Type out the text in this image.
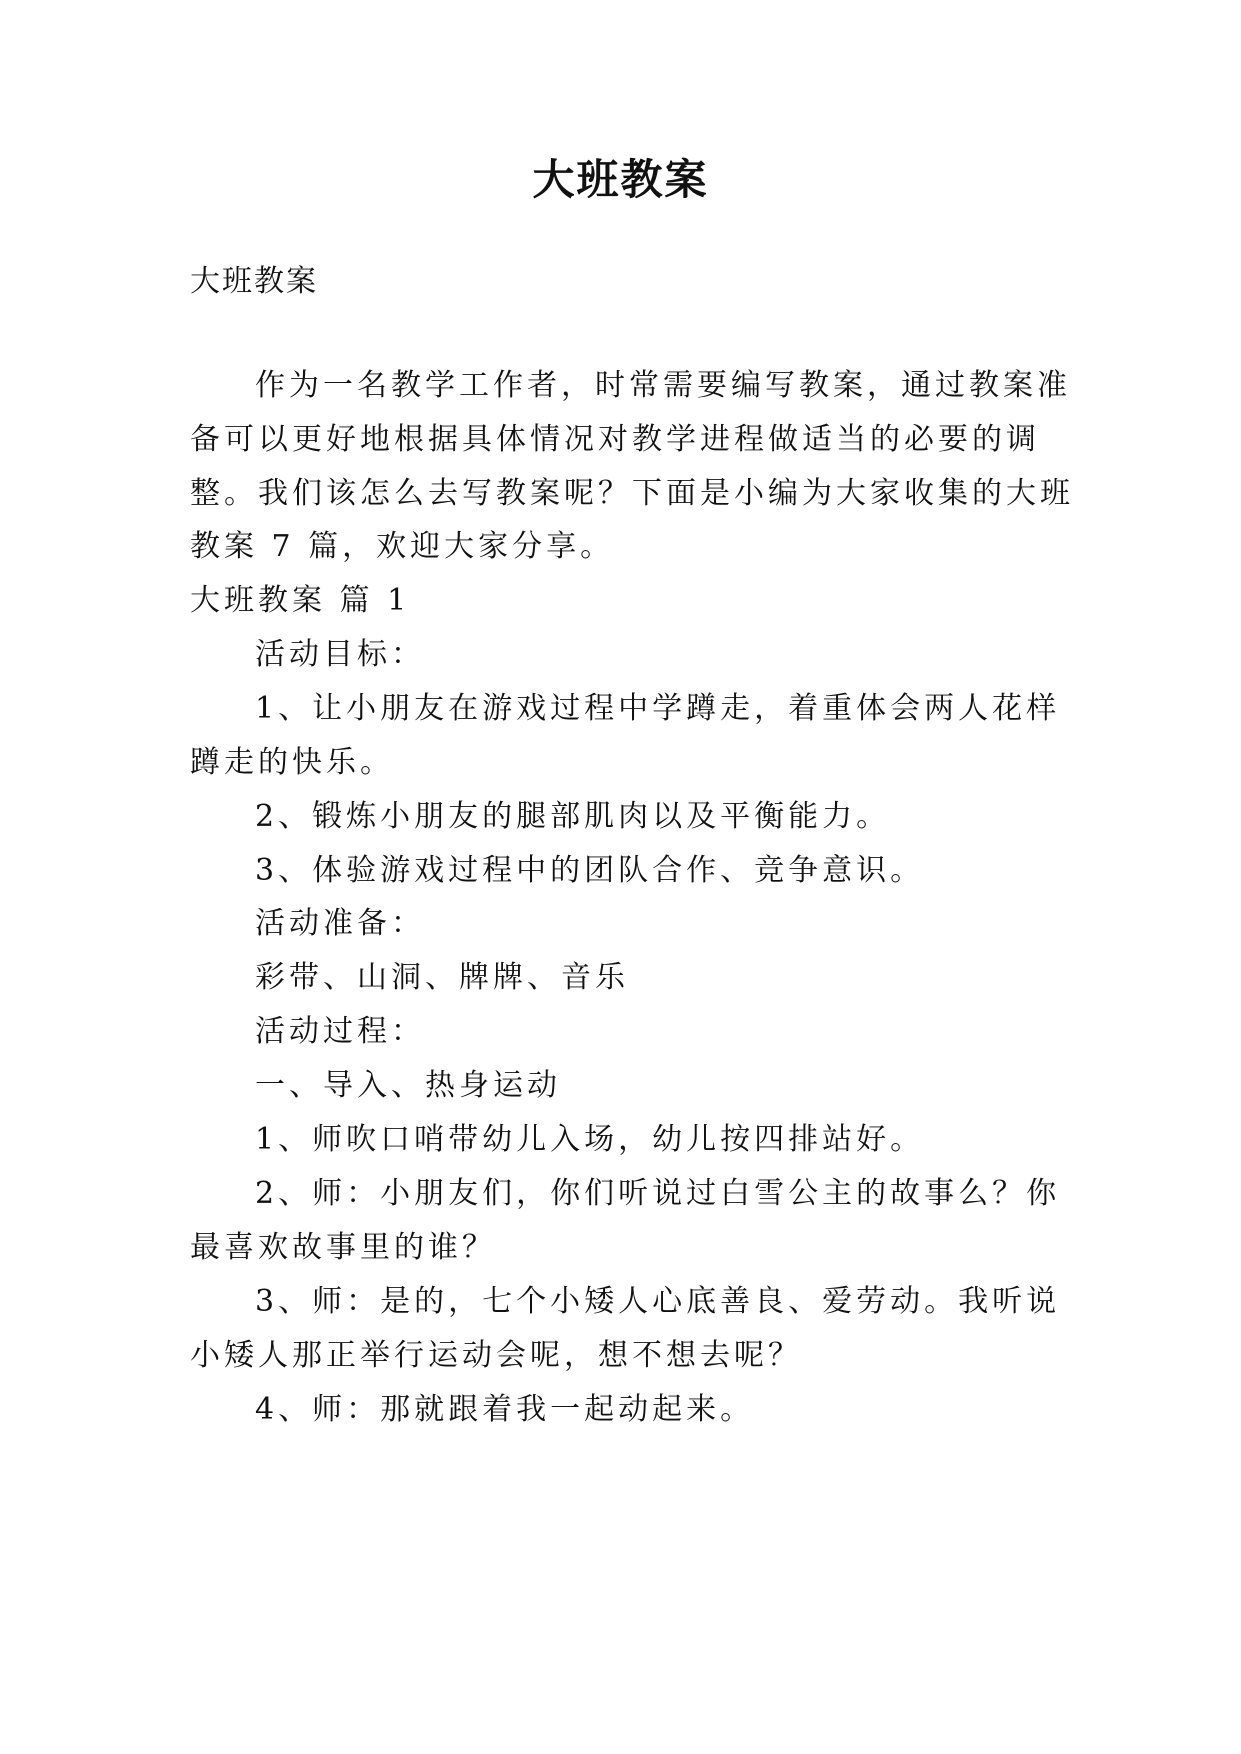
大班教案
大班教案
作为一名教学工作者，时常需要编写教案，通过教案准
备可以更好地根据具体情况对教学进程做适当的必要的调
整。我们该怎么去写教案呢？下面是小编为大家收集的大班
教案 7 篇，欢迎大家分享。
大班教案 篇 1
活动目标：
1、让小朋友在游戏过程中学蹲走，着重体会两人花样
蹲走的快乐。
2、锻炼小朋友的腿部肌肉以及平衡能力。
3、体验游戏过程中的团队合作、竞争意识。
活动准备：
彩带、山洞、牌牌、音乐
活动过程：
一、导入、热身运动
1、师吹口哨带幼儿入场，幼儿按四排站好。
2、师：小朋友们，你们听说过白雪公主的故事么？你
最喜欢故事里的谁？
3、师：是的，七个小矮人心底善良、爱劳动。我听说
小矮人那正举行运动会呢，想不想去呢？
4、师：那就跟着我一起动起来。
